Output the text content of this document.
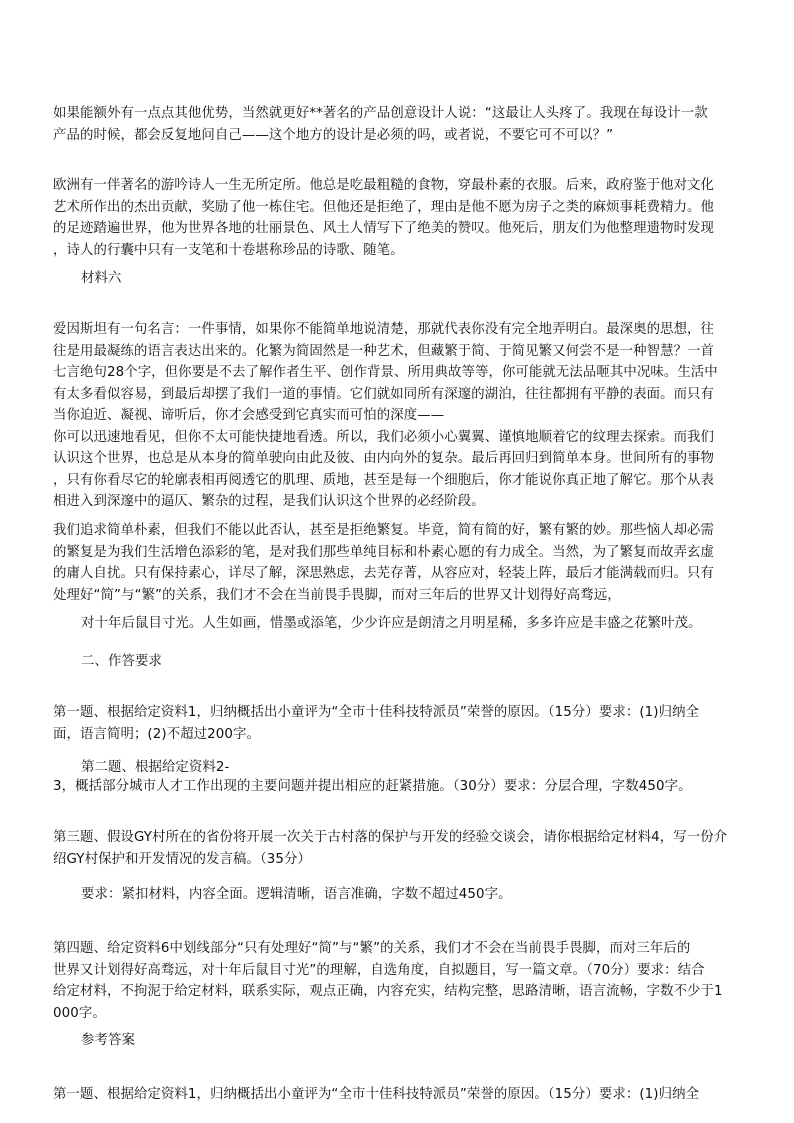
如果能额外有一点点其他优势，当然就更好**著名的产品创意设计人说：“这最让人头疼了。我现在每设计一款
产品的时候，都会反复地问自己——这个地方的设计是必须的吗，或者说，不要它可不可以？”
欧洲有一伴著名的游吟诗人一生无所定所。他总是吃最粗糙的食物，穿最朴素的衣服。后来，政府鉴于他对文化
艺术所作出的杰出贡献，奖励了他一栋住宅。但他还是拒绝了，理由是他不愿为房子之类的麻烦事耗费精力。他
的足迹踏遍世界，他为世界各地的壮丽景色、风土人情写下了绝美的赞叹。他死后，朋友们为他整理遗物时发现
，诗人的行囊中只有一支笔和十卷堪称珍品的诗歌、随笔。
材料六
爱因斯坦有一句名言：一件事情，如果你不能简单地说清楚，那就代表你没有完全地弄明白。最深奥的思想，往
往是用最凝练的语言表达出来的。化繁为简固然是一种艺术，但藏繁于简、于简见繁又何尝不是一种智慧？一首
七言绝句28个字，但你要是不去了解作者生平、创作背景、所用典故等等，你可能就无法品咂其中况味。生活中
有太多看似容易，到最后却摆了我们一道的事情。它们就如同所有深邃的湖泊，往往都拥有平静的表面。而只有
当你迫近、凝视、谛听后，你才会感受到它真实而可怕的深度——
你可以迅速地看见，但你不太可能快捷地看透。所以，我们必须小心翼翼、谨慎地顺着它的纹理去探索。而我们
认识这个世界，也总是从本身的简单驶向由此及彼、由内向外的复杂。最后再回归到简单本身。世间所有的事物
，只有你看尽它的轮廓表相再阅透它的肌理、质地，甚至是每一个细胞后，你才能说你真正地了解它。那个从表
相进入到深邃中的逼仄、繁杂的过程，是我们认识这个世界的必经阶段。
我们追求简单朴素，但我们不能以此否认，甚至是拒绝繁复。毕竟，简有简的好，繁有繁的妙。那些恼人却必需
的繁复是为我们生活增色添彩的笔，是对我们那些单纯目标和朴素心愿的有力成全。当然，为了繁复而故弄玄虚
的庸人自扰。只有保持素心，详尽了解，深思熟虑，去芜存菁，从容应对，轻装上阵，最后才能满载而归。只有
处理好“简”与“繁”的关系，我们才不会在当前畏手畏脚，而对三年后的世界又计划得好高骛远，
对十年后鼠目寸光。人生如画，惜墨或添笔，少少许应是朗清之月明星稀，多多许应是丰盛之花繁叶茂。
二、作答要求
第一题、根据给定资料1，归纳概括出小童评为“全市十佳科技特派员”荣誉的原因。（15分）要求：(1)归纳全
面，语言简明；(2)不超过200字。
第二题、根据给定资料2-
3，概括部分城市人才工作出现的主要问题并提出相应的赶紧措施。（30分）要求：分层合理，字数450字。
第三题、假设GY村所在的省份将开展一次关于古村落的保护与开发的经验交谈会，请你根据给定材料4，写一份介
绍GY村保护和开发情况的发言稿。（35分）
要求：紧扣材料，内容全面。逻辑清晰，语言准确，字数不超过450字。
第四题、给定资料6中划线部分“只有处理好“简”与“繁”的关系，我们才不会在当前畏手畏脚，而对三年后的
世界又计划得好高骛远，对十年后鼠目寸光”的理解，自选角度，自拟题目，写一篇文章。（70分）要求：结合
给定材料，不拘泥于给定材料，联系实际，观点正确，内容充实，结构完整，思路清晰，语言流畅，字数不少于1
000字。
参考答案
第一题、根据给定资料1，归纳概括出小童评为“全市十佳科技特派员”荣誉的原因。（15分）要求：(1)归纳全
